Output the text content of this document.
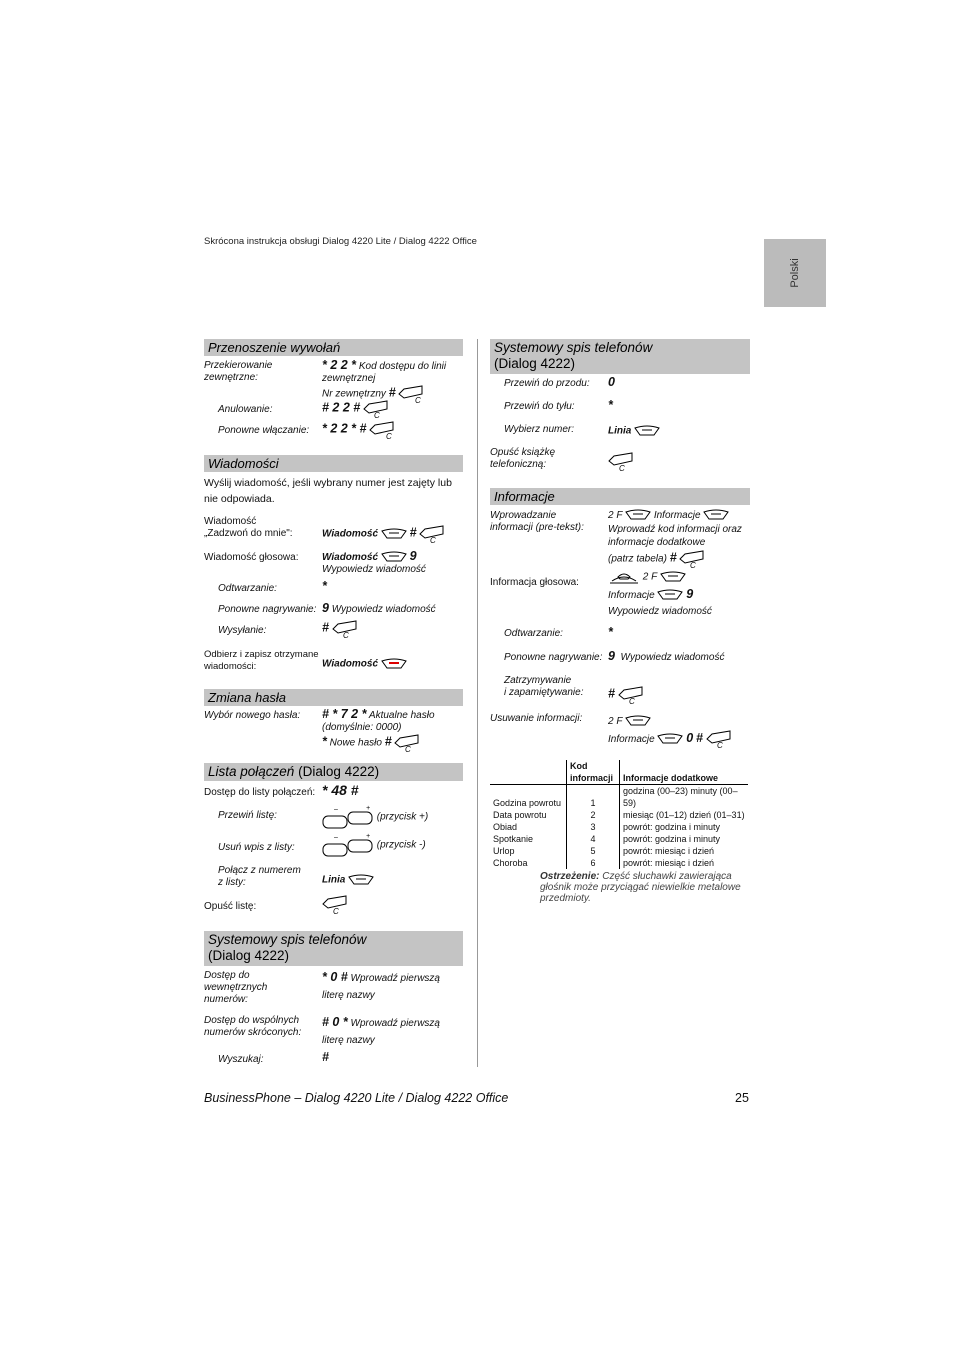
Skrócona instrukcja obsługi Dialog 4220 Lite / Dialog 4222 Office
Polski
Przenoszenie wywołań
Przekierowanie zewnętrzne:
* 2 2 * Kod dostępu do linii
zewnętrznej
Nr zewnętrzny #
C
Anulowanie:	# 2 2 #
C
Ponowne włączanie: * 2 2 * #
C
Wiadomości
Wyślij wiadomość, jeśli wybrany numer jest zajęty lub nie odpowiada.
Wiadomość
„Zadzwoń do mnie":	Wiadomość	#
C
Wiadomość głosowa: Wiadomość	9
Wypowiedz wiadomość
Odtwarzanie:	*
Ponowne nagrywanie: 9 Wypowiedz wiadomość
Wysyłanie:	#
C
Odbierz i zapisz otrzymane wiadomości:	Wiadomość
Zmiana hasła
Wybór nowego hasła: # * 7 2 * Aktualne hasło
(domyślnie: 0000)
* Nowe hasło #
C
Lista połączeń (Dialog 4222)
Dostęp do listy połączeń: * 48 #
Przewiń listę:
–	+
(przycisk +)
Usuń wpis z listy:
–	+
(przycisk -)
Połącz z numerem
z listy:	Linia
Opuść listę:	C
Systemowy spis telefonów
(Dialog 4222)
Dostęp do wewnętrznych numerów:
* 0 # Wprowadź pierwszą
literę nazwy
Dostęp do wspólnych numerów skróconych:
# 0 * Wprowadź pierwszą
literę nazwy
Wyszukaj:	#
Systemowy spis telefonów
(Dialog 4222)
Przewiń do przodu: 0
Przewiń do tyłu:	*
Wybierz numer:	Linia
Opuść książkę telefoniczną:	C
Informacje
Wprowadzanie informacji (pre-tekst):
2 F	Informacje
Wprowadź kod informacji oraz
informacje dodatkowe
(patrz tabela) #
C
Informacja głosowa:	2 F
Informacje	9
Wypowiedz wiadomość
Odtwarzanie:	*
Ponowne nagrywanie: 9 Wypowiedz wiadomość
Zatrzymywanie
i zapamiętywanie: #
C
Usuwanie informacji:	2 F
Informacje	0 #
C
	Kod informacji	Informacje dodatkowe
Godzina powrotu	1	godzina (00–23) minuty (00–59)
Data powrotu	2	miesiąc (01–12) dzień (01–31)
Obiad	3	powrót: godzina i minuty
Spotkanie	4	powrót: godzina i minuty
Urlop	5	powrót: miesiąc i dzień
Choroba	6	powrót: miesiąc i dzień
Ostrzeżenie: Część słuchawki zawierająca głośnik może przyciągać niewielkie metalowe przedmioty.
BusinessPhone – Dialog 4220 Lite / Dialog 4222 Office	25
